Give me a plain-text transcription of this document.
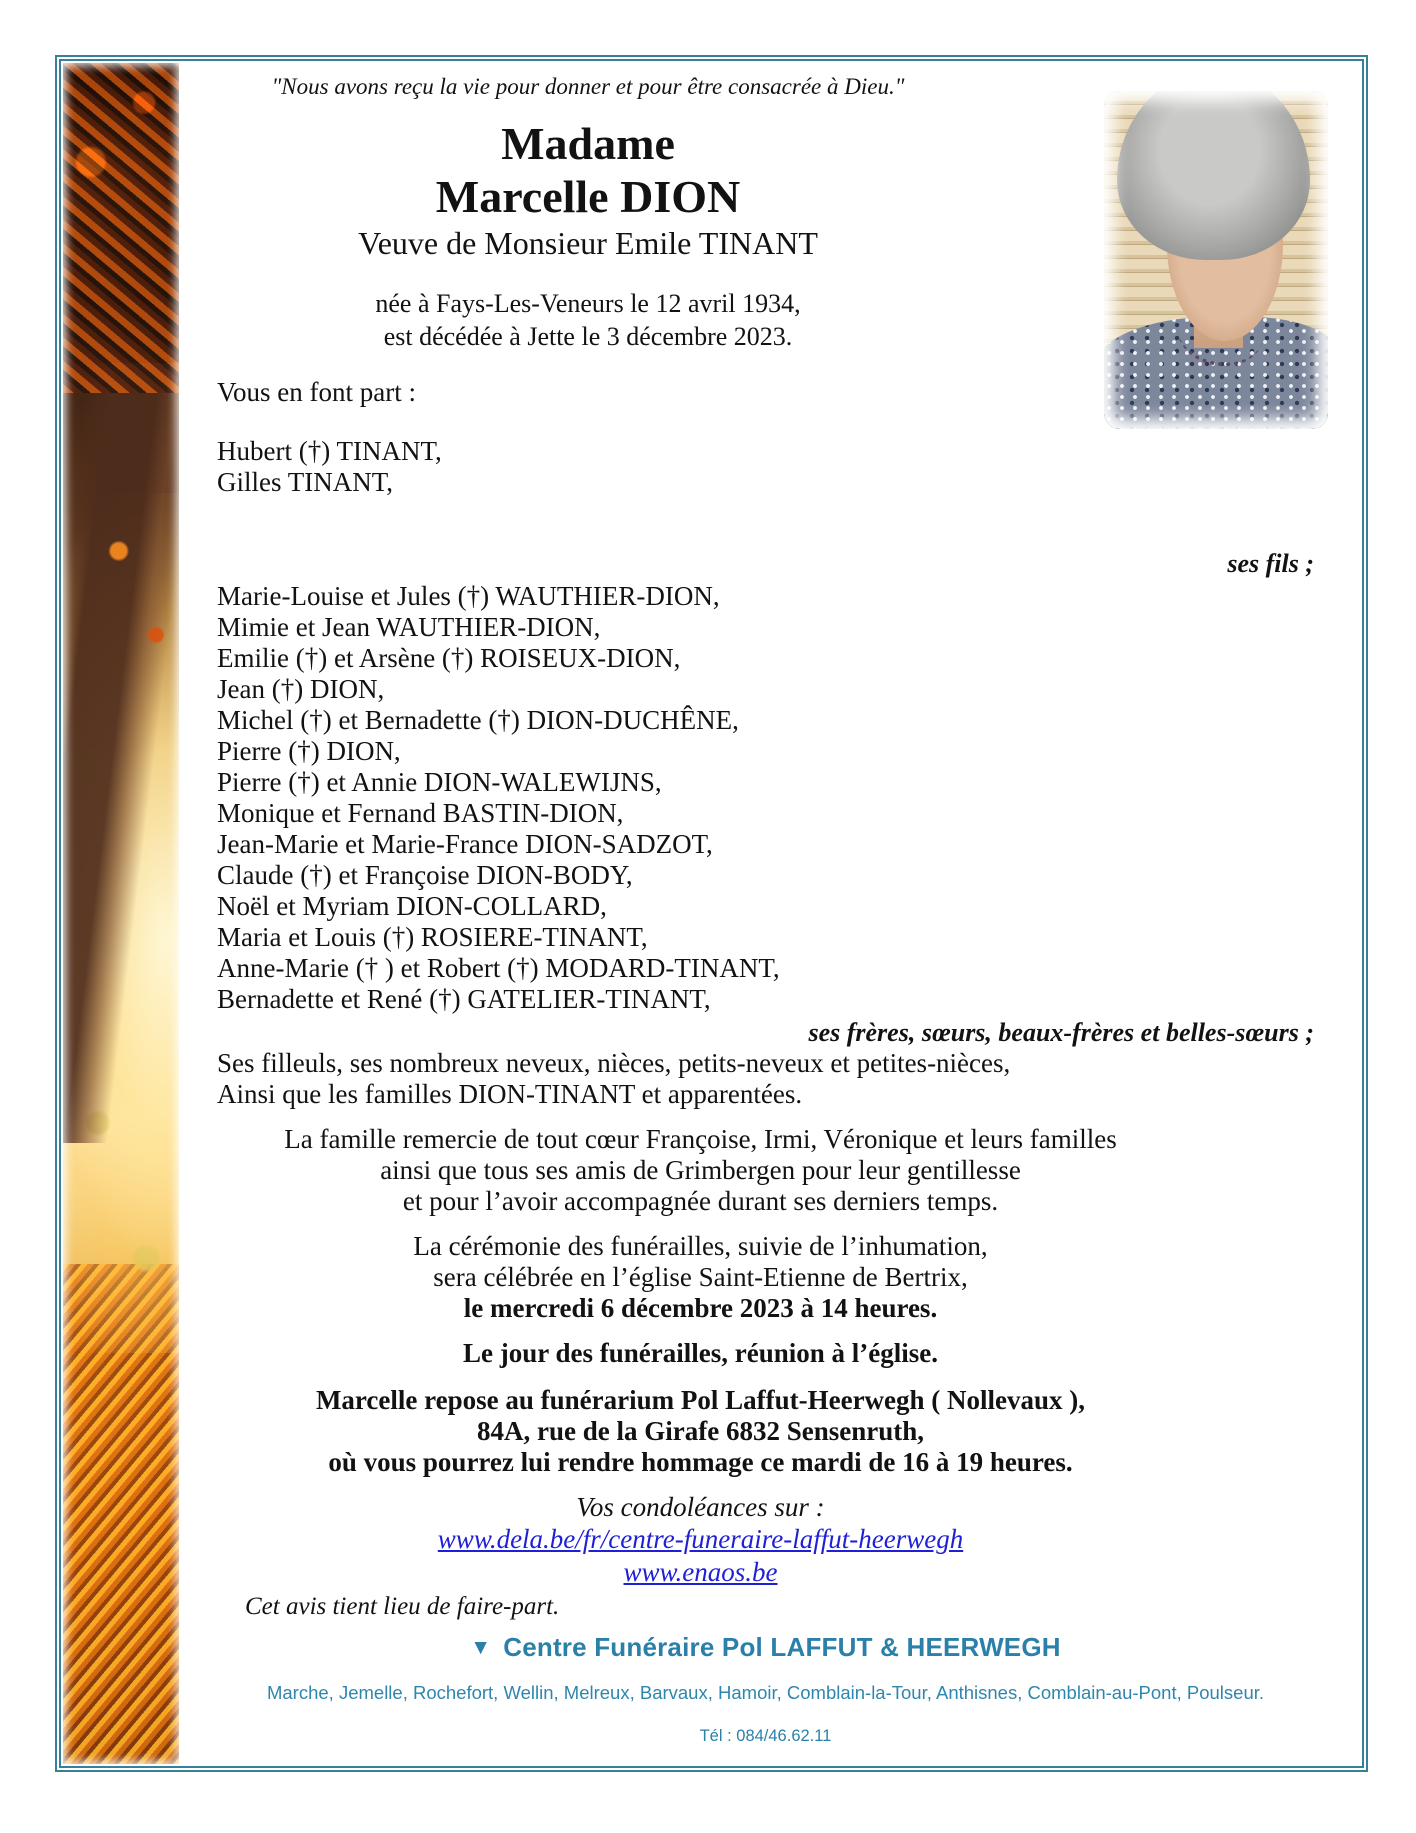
"Nous avons reçu la vie pour donner et pour être consacrée à Dieu."
Madame
Marcelle DION
Veuve de Monsieur Emile TINANT
née à Fays-Les-Veneurs le 12 avril 1934,
est décédée à Jette le 3 décembre 2023.
Vous en font part :
Hubert (†) TINANT,
Gilles TINANT,
ses fils ;
Marie-Louise et Jules (†) WAUTHIER-DION,
Mimie et Jean WAUTHIER-DION,
Emilie (†) et Arsène (†) ROISEUX-DION,
Jean (†) DION,
Michel (†) et Bernadette (†) DION-DUCHÊNE,
Pierre (†) DION,
Pierre (†) et Annie DION-WALEWIJNS,
Monique et Fernand BASTIN-DION,
Jean-Marie et Marie-France DION-SADZOT,
Claude (†) et Françoise DION-BODY,
Noël et Myriam DION-COLLARD,
Maria et Louis (†) ROSIERE-TINANT,
Anne-Marie († ) et Robert (†) MODARD-TINANT,
Bernadette et René (†) GATELIER-TINANT,
ses frères, sœurs, beaux-frères et belles-sœurs ;
Ses filleuls, ses nombreux neveux, nièces, petits-neveux et petites-nièces,
Ainsi que les familles DION-TINANT et apparentées.
La famille remercie de tout cœur Françoise, Irmi, Véronique et leurs familles
ainsi que tous ses amis de Grimbergen pour leur gentillesse
et pour l’avoir accompagnée durant ses derniers temps.
La cérémonie des funérailles, suivie de l’inhumation,
sera célébrée en l’église Saint-Etienne de Bertrix,
le mercredi 6 décembre 2023 à 14 heures.
Le jour des funérailles, réunion à l’église.
Marcelle repose au funérarium Pol Laffut-Heerwegh ( Nollevaux ),
84A, rue de la Girafe 6832 Sensenruth,
où vous pourrez lui rendre hommage ce mardi de 16 à 19 heures.
Vos condoléances sur :
www.dela.be/fr/centre-funeraire-laffut-heerwegh
www.enaos.be
Cet avis tient lieu de faire-part.
▼ Centre Funéraire Pol LAFFUT & HEERWEGH
Marche, Jemelle, Rochefort, Wellin, Melreux, Barvaux, Hamoir, Comblain-la-Tour, Anthisnes, Comblain-au-Pont, Poulseur.
Tél : 084/46.62.11
